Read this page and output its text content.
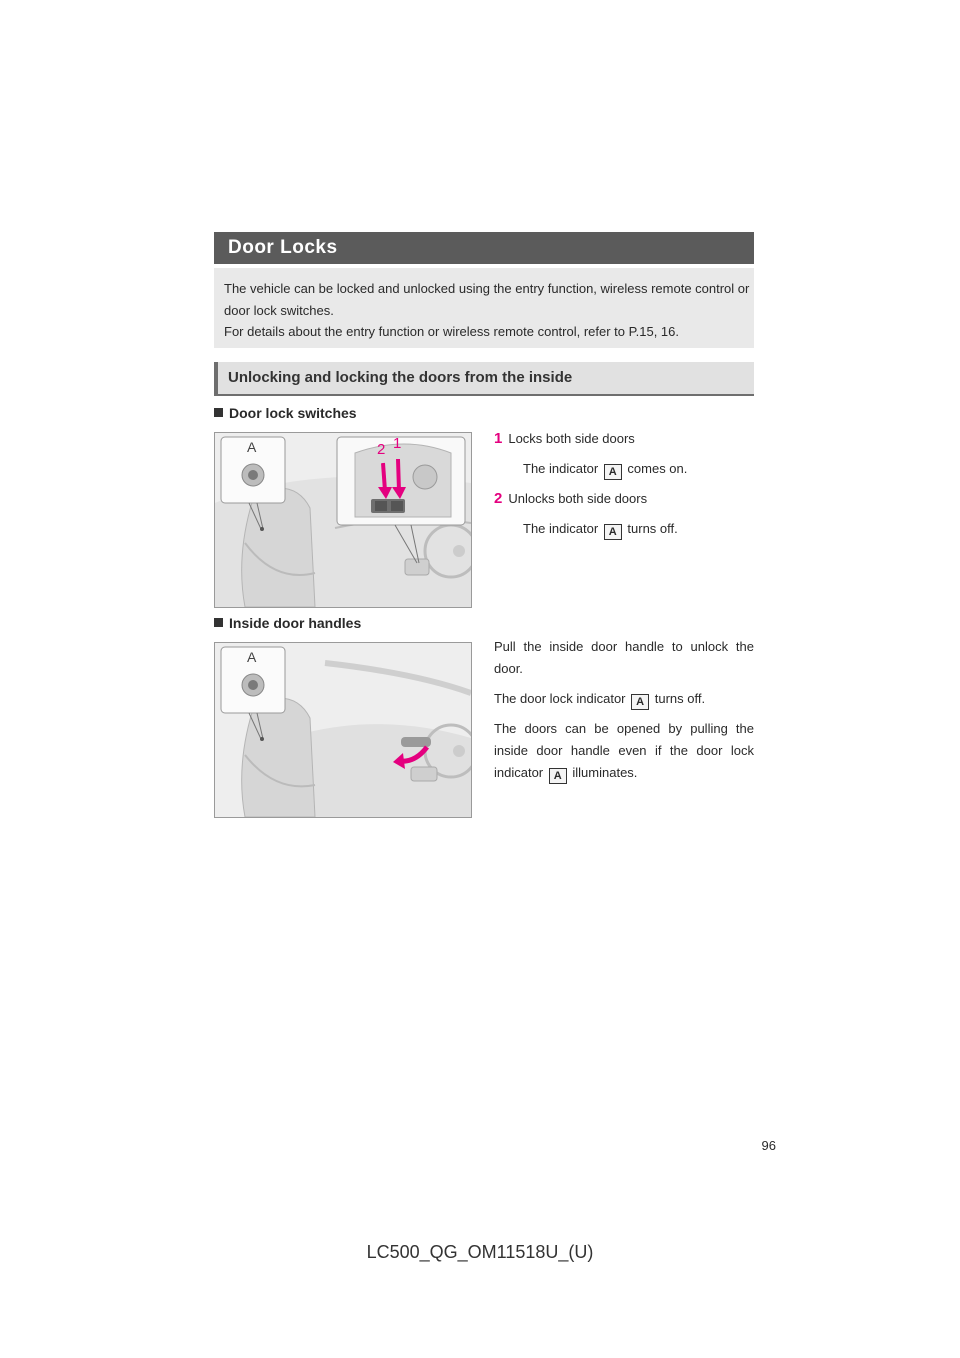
Door Locks

The vehicle can be locked and unlocked using the entry function, wireless remote control or door lock switches.

For details about the entry function or wireless remote control, refer to P.15, 16.

Unlocking and locking the doors from the inside
Door lock switches
A	2 1	1 Locks both side doors
The indicator A comes on.
2 Unlocks both side doors
The indicator A turns off.
Inside door handles
A

Pull the inside door handle to unlock the door.

The door lock indicator A turns off.

The doors can be opened by pulling the inside door handle even if the door lock indicator A illuminates.

96
LC500_QG_OM11518U_(U)
